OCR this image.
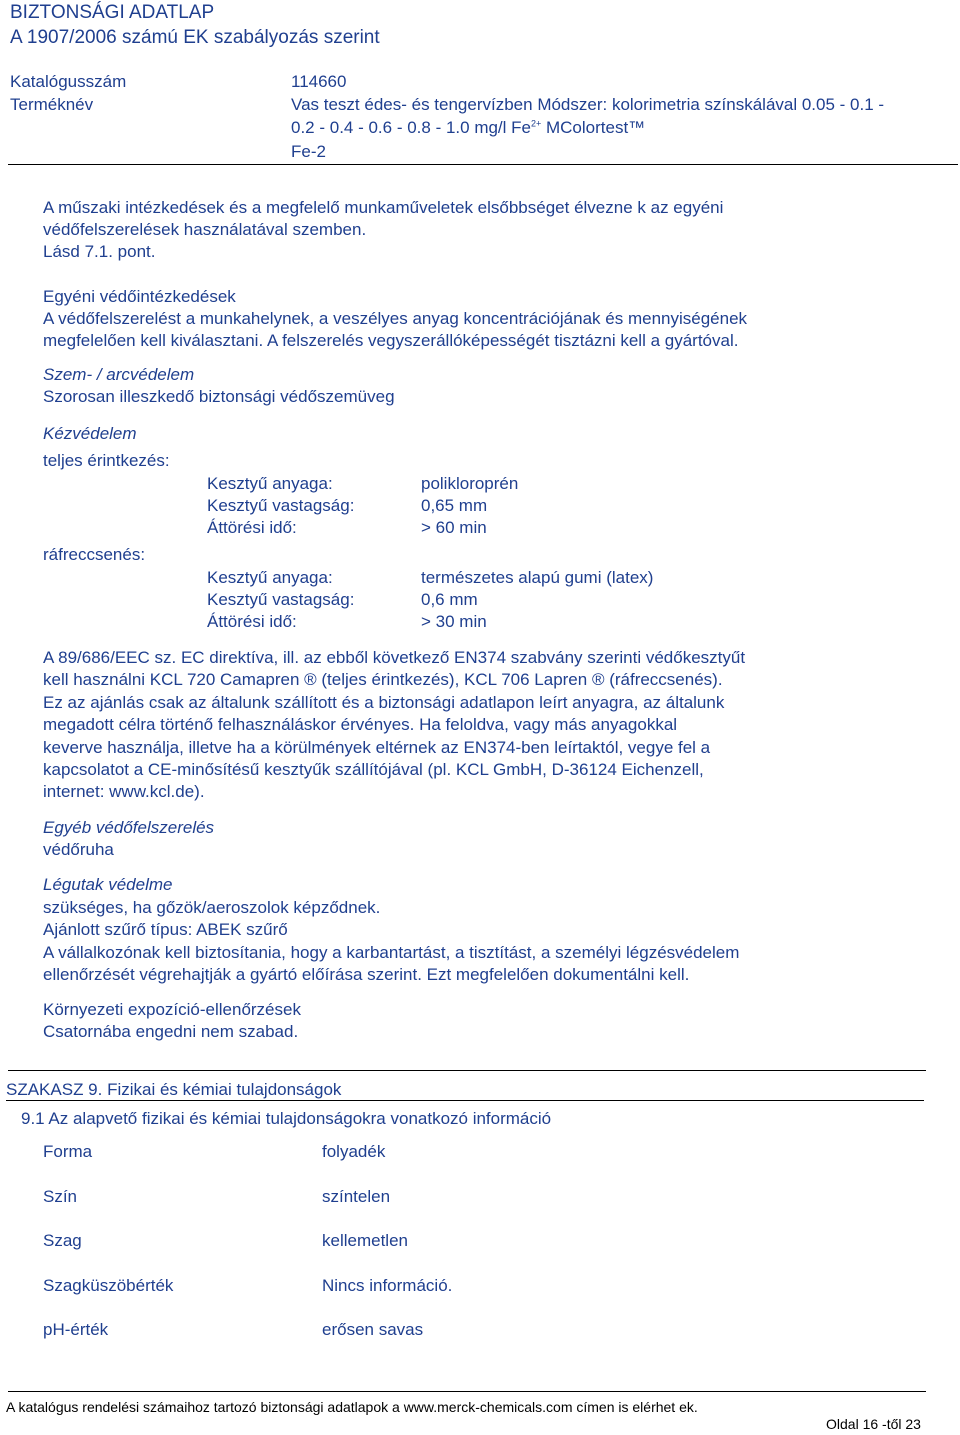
BIZTONSÁGI ADATLAP
A 1907/2006 számú EK szabályozás szerint
Katalógusszám	114660
Terméknév	Vas teszt édes- és tengervízben Módszer: kolorimetria színskálával 0.05 - 0.1 -
0.2 - 0.4 - 0.6 - 0.8 - 1.0 mg/l $Fe^{2+}$ MColortest™
Fe-2
A műszaki intézkedések és a megfelelő munkaműveletek elsőbbséget élvezne k az egyéni
védőfelszerelések használatával szemben.
Lásd 7.1. pont.
Egyéni védőintézkedések
A védőfelszerelést a munkahelynek, a veszélyes anyag koncentrációjának és mennyiségének
megfelelően kell kiválasztani. A felszerelés vegyszerállóképességét tisztázni kell a gyártóval.
Szem- / arcvédelem
Szorosan illeszkedő biztonsági védőszemüveg
Kézvédelem
teljes érintkezés:
Kesztyű anyaga:	polikloroprén
Kesztyű vastagság:	0,65 mm
Áttörési idő:	> 60 min
ráfreccsenés:
Kesztyű anyaga:	természetes alapú gumi (latex)
Kesztyű vastagság:	0,6 mm
Áttörési idő:	> 30 min
A 89/686/EEC sz. EC direktíva, ill. az ebből következő EN374 szabvány szerinti védőkesztyűt
kell használni KCL 720 Camapren ® (teljes érintkezés), KCL 706 Lapren ® (ráfreccsenés).
Ez az ajánlás csak az általunk szállított és a biztonsági adatlapon leírt anyagra, az általunk
megadott célra történő felhasználáskor érvényes. Ha feloldva, vagy más anyagokkal
keverve használja, illetve ha a körülmények eltérnek az EN374-ben leírtaktól, vegye fel a
kapcsolatot a CE-minősítésű kesztyűk szállítójával (pl. KCL GmbH, D-36124 Eichenzell,
internet: www.kcl.de).
Egyéb védőfelszerelés
védőruha
Légutak védelme
szükséges, ha gőzök/aeroszolok képződnek.
Ajánlott szűrő típus: ABEK szűrő
A vállalkozónak kell biztosítania, hogy a karbantartást, a tisztítást, a személyi légzésvédelem
ellenőrzését végrehajtják a gyártó előírása szerint. Ezt megfelelően dokumentálni kell.
Környezeti expozíció-ellenőrzések
Csatornába engedni nem szabad.
SZAKASZ 9. Fizikai és kémiai tulajdonságok
9.1 Az alapvető fizikai és kémiai tulajdonságokra vonatkozó információ
Forma	folyadék
Szín	színtelen
Szag	kellemetlen
Szagküszöbérték	Nincs információ.
pH-érték	erősen savas
A katalógus rendelési számaihoz tartozó biztonsági adatlapok a www.merck-chemicals.com címen is elérhet ek.
Oldal 16 -től 23
